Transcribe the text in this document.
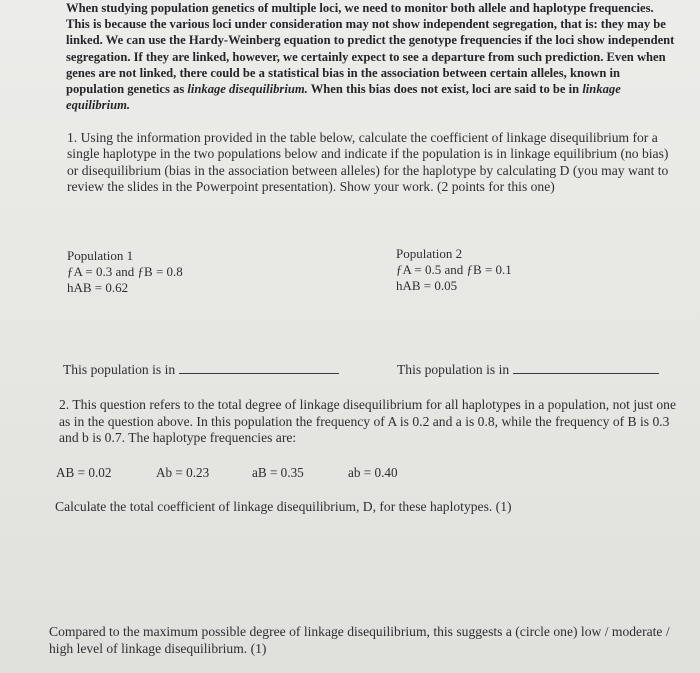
When studying population genetics of multiple loci, we need to monitor both allele and haplotype frequencies. This is because the various loci under consideration may not show independent segregation, that is: they may be linked. We can use the Hardy-Weinberg equation to predict the genotype frequencies if the loci show independent segregation. If they are linked, however, we certainly expect to see a departure from such prediction. Even when genes are not linked, there could be a statistical bias in the association between certain alleles, known in population genetics as linkage disequilibrium. When this bias does not exist, loci are said to be in linkage equilibrium.
1. Using the information provided in the table below, calculate the coefficient of linkage disequilibrium for a single haplotype in the two populations below and indicate if the population is in linkage equilibrium (no bias) or disequilibrium (bias in the association between alleles) for the haplotype by calculating D (you may want to review the slides in the Powerpoint presentation). Show your work. (2 points for this one)
Population 1
ƒA = 0.3 and ƒB = 0.8
hAB = 0.62
Population 2
ƒA = 0.5 and ƒB = 0.1
hAB = 0.05
This population is in	This population is in
2. This question refers to the total degree of linkage disequilibrium for all haplotypes in a population, not just one as in the question above. In this population the frequency of A is 0.2 and a is 0.8, while the frequency of B is 0.3 and b is 0.7. The haplotype frequencies are:
AB = 0.02	Ab = 0.23	aB = 0.35	ab = 0.40
Calculate the total coefficient of linkage disequilibrium, D, for these haplotypes. (1)
Compared to the maximum possible degree of linkage disequilibrium, this suggests a (circle one) low / moderate / high level of linkage disequilibrium. (1)
